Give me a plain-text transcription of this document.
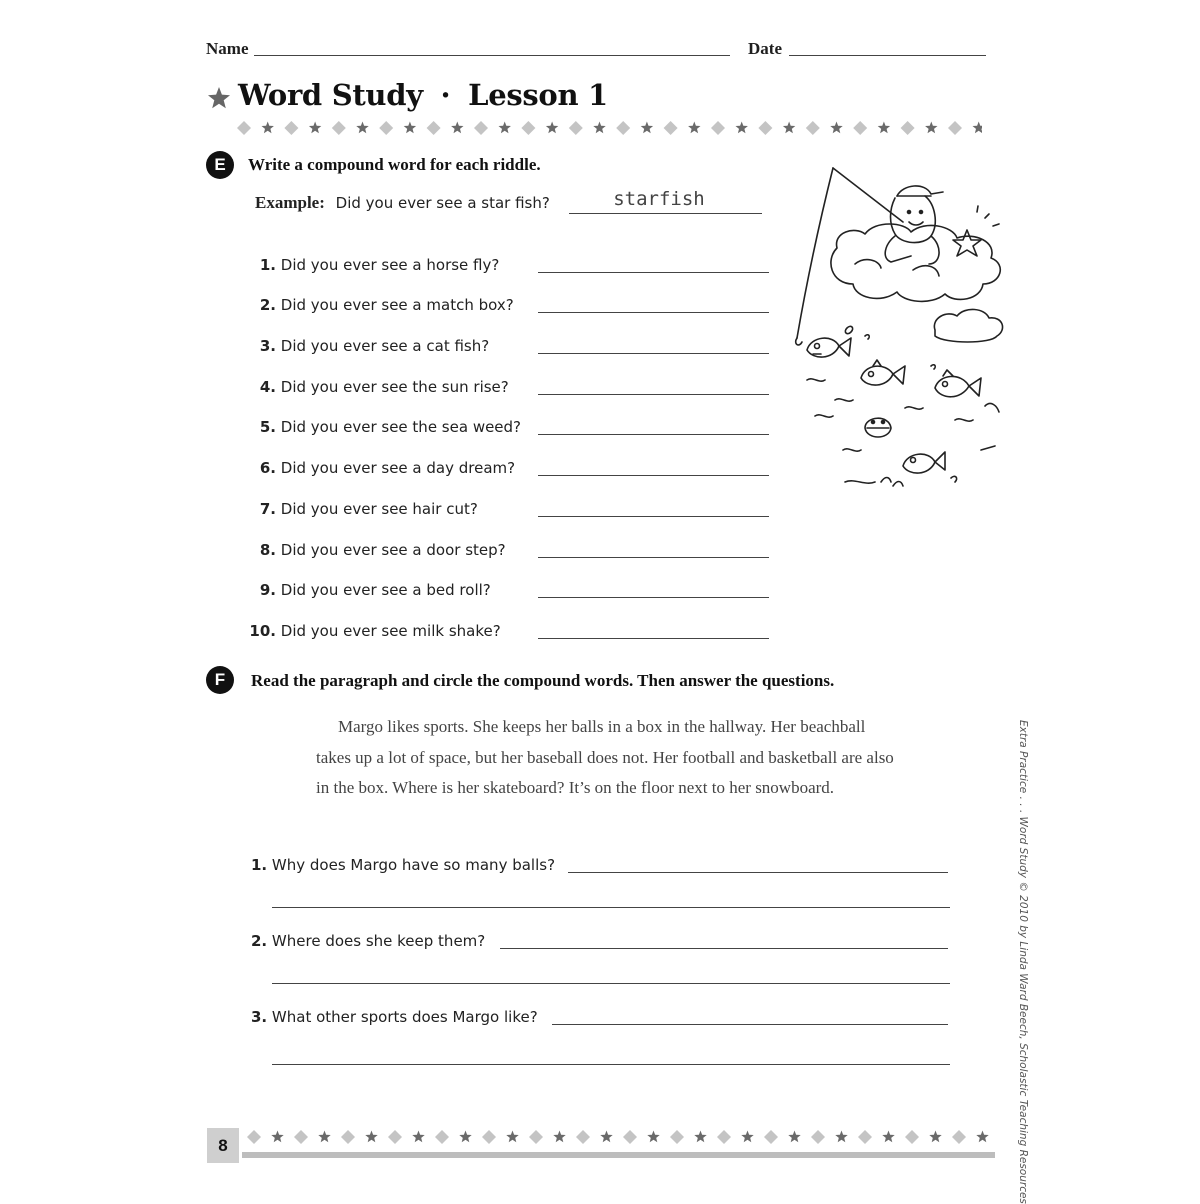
Name	Date
Word Study · Lesson 1
E	Write a compound word for each riddle.
Example: Did you ever see a star fish?	starfish
1. Did you ever see a horse fly?
2. Did you ever see a match box?
3. Did you ever see a cat fish?
4. Did you ever see the sun rise?
5. Did you ever see the sea weed?
6. Did you ever see a day dream?
7. Did you ever see hair cut?
8. Did you ever see a door step?
9. Did you ever see a bed roll?
10. Did you ever see milk shake?
F	Read the paragraph and circle the compound words. Then answer the questions.
Margo likes sports. She keeps her balls in a box in the hallway. Her beachball takes up a lot of space, but her baseball does not. Her football and basketball are also in the box. Where is her skateboard? It’s on the floor next to her snowboard.
1. Why does Margo have so many balls?
2. Where does she keep them?
3. What other sports does Margo like?	Extra Practice . . . Word Study © 2010 by Linda Ward Beech, Scholastic Teaching Resources
8
